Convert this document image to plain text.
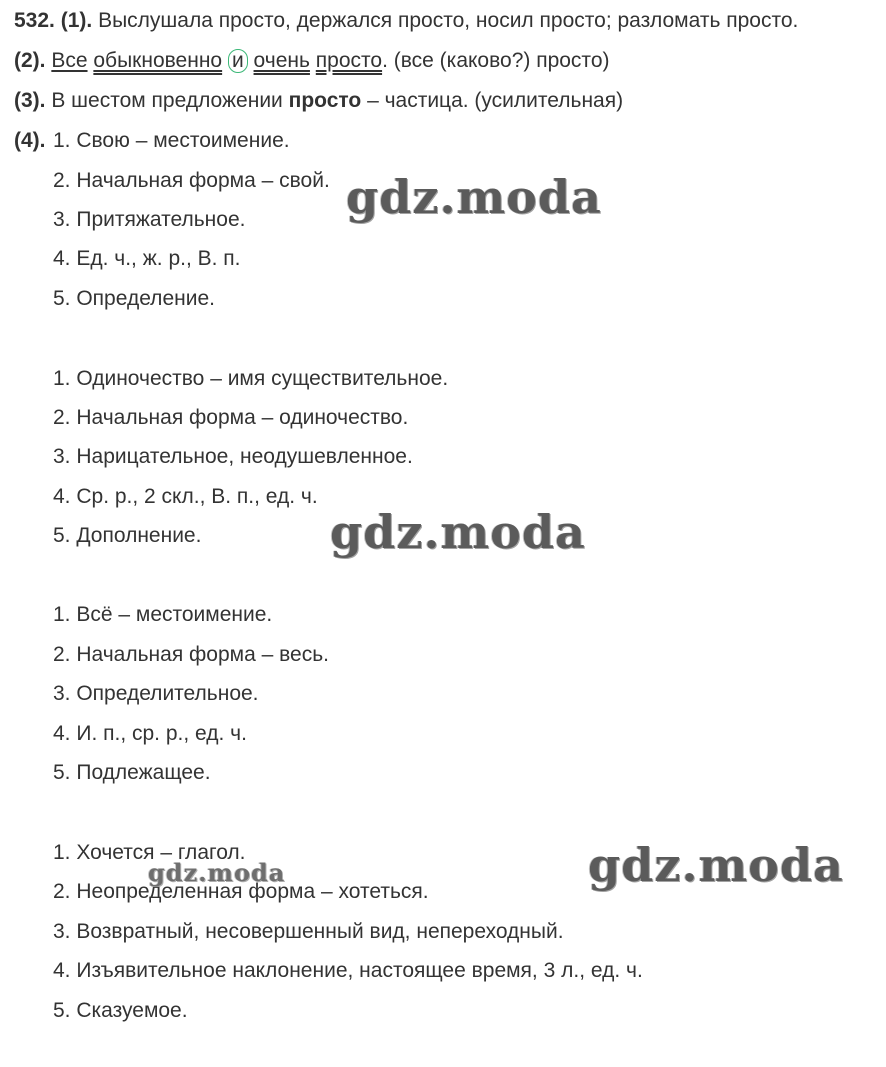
532. (1). Выслушала просто, держался просто, носил просто; разломать просто.
(2). Все обыкновенно и очень просто. (все (каково?) просто)
(3). В шестом предложении просто – частица. (усилительная)
(4). 1. Свою – местоимение.
2. Начальная форма – свой.
3. Притяжательное.
4. Ед. ч., ж. р., В. п.
5. Определение.
1. Одиночество – имя существительное.
2. Начальная форма – одиночество.
3. Нарицательное, неодушевленное.
4. Ср. р., 2 скл., В. п., ед. ч.
5. Дополнение.
1. Всё – местоимение.
2. Начальная форма – весь.
3. Определительное.
4. И. п., ср. р., ед. ч.
5. Подлежащее.
1. Хочется – глагол.
2. Неопределенная форма – хотеться.
3. Возвратный, несовершенный вид, непереходный.
4. Изъявительное наклонение, настоящее время, 3 л., ед. ч.
5. Сказуемое.
gdz.moda
gdz.moda
gdz.moda
gdz.moda
